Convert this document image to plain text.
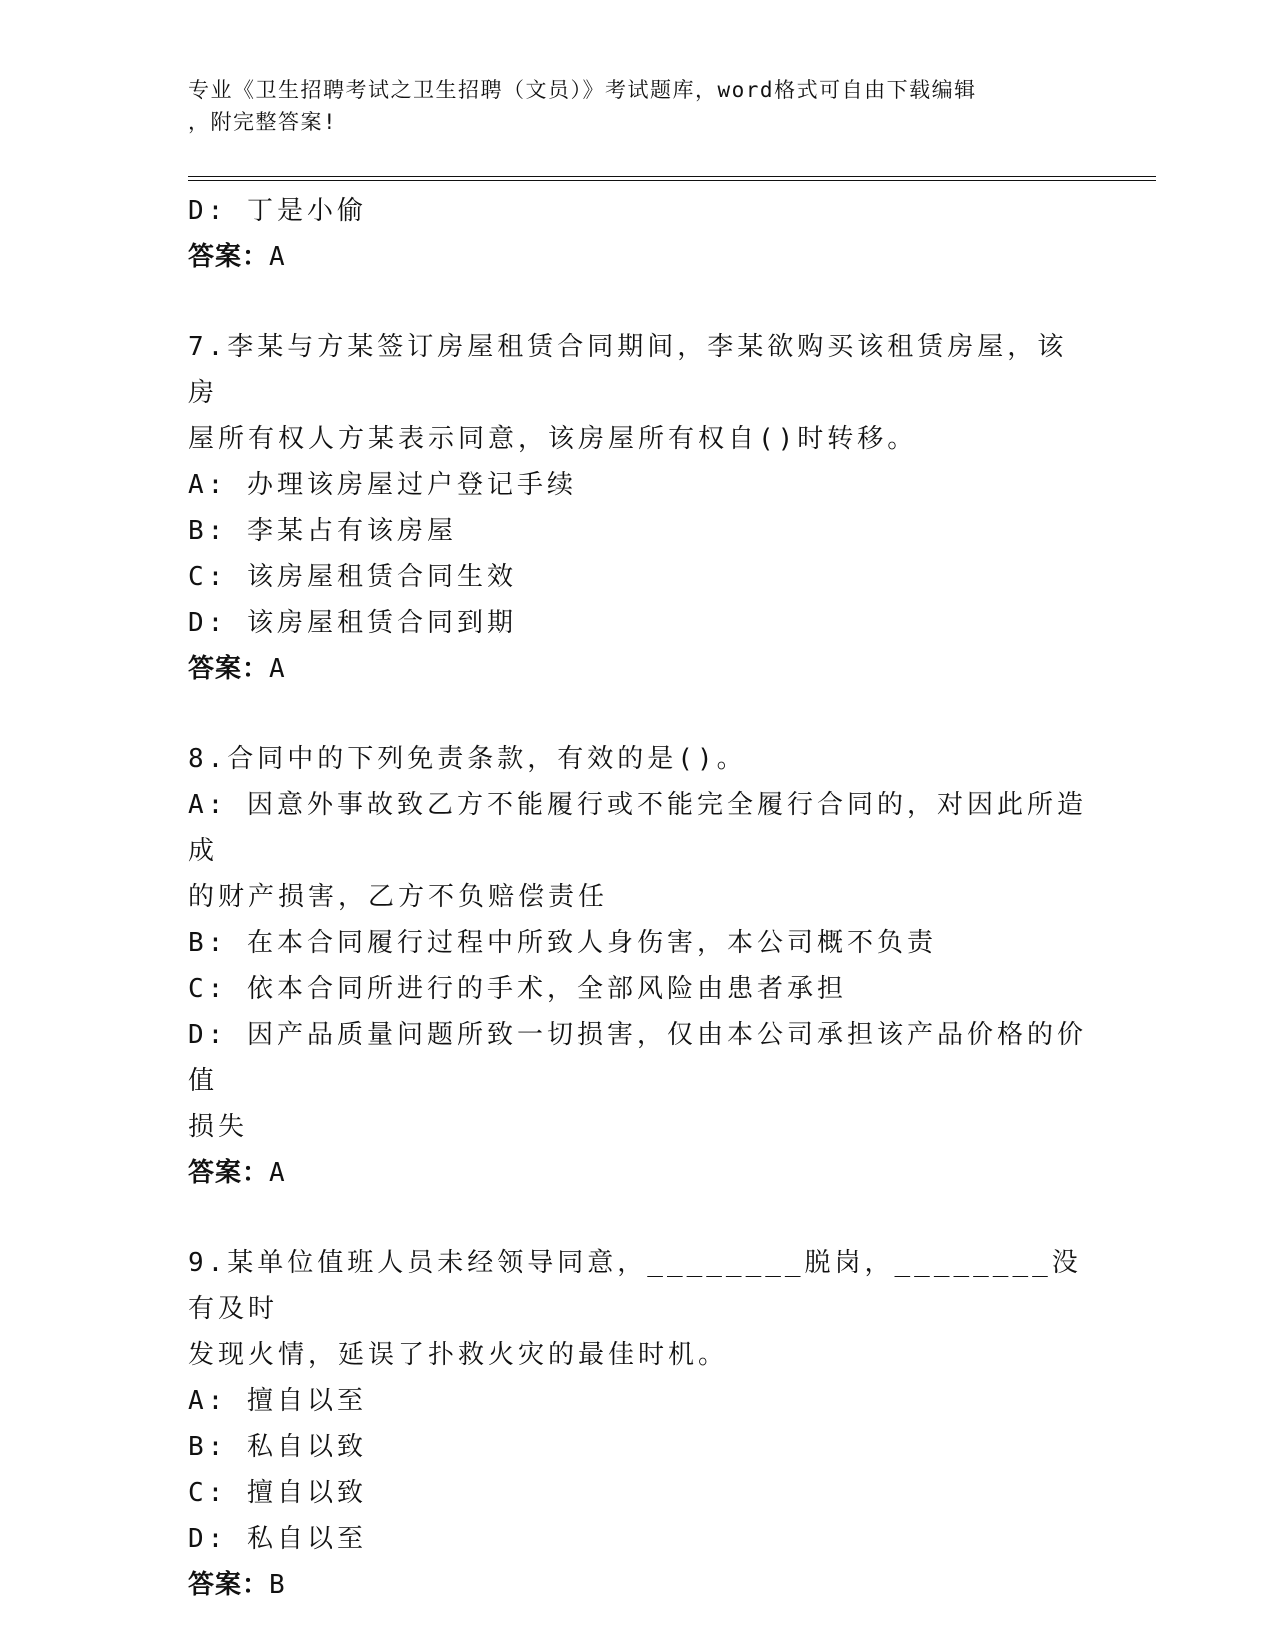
专业《卫生招聘考试之卫生招聘（文员）》考试题库，word格式可自由下载编辑
，附完整答案!
D: 丁是小偷
答案：A
7.李某与方某签订房屋租赁合同期间，李某欲购买该租赁房屋，该房
屋所有权人方某表示同意，该房屋所有权自()时转移。
A: 办理该房屋过户登记手续
B: 李某占有该房屋
C: 该房屋租赁合同生效
D: 该房屋租赁合同到期
答案：A
8.合同中的下列免责条款，有效的是()。
A: 因意外事故致乙方不能履行或不能完全履行合同的，对因此所造成
的财产损害，乙方不负赔偿责任
B: 在本合同履行过程中所致人身伤害，本公司概不负责
C: 依本合同所进行的手术，全部风险由患者承担
D: 因产品质量问题所致一切损害，仅由本公司承担该产品价格的价值
损失
答案：A
9.某单位值班人员未经领导同意，________脱岗，________没有及时
发现火情，延误了扑救火灾的最佳时机。
A: 擅自以至
B: 私自以致
C: 擅自以致
D: 私自以至
答案：B
